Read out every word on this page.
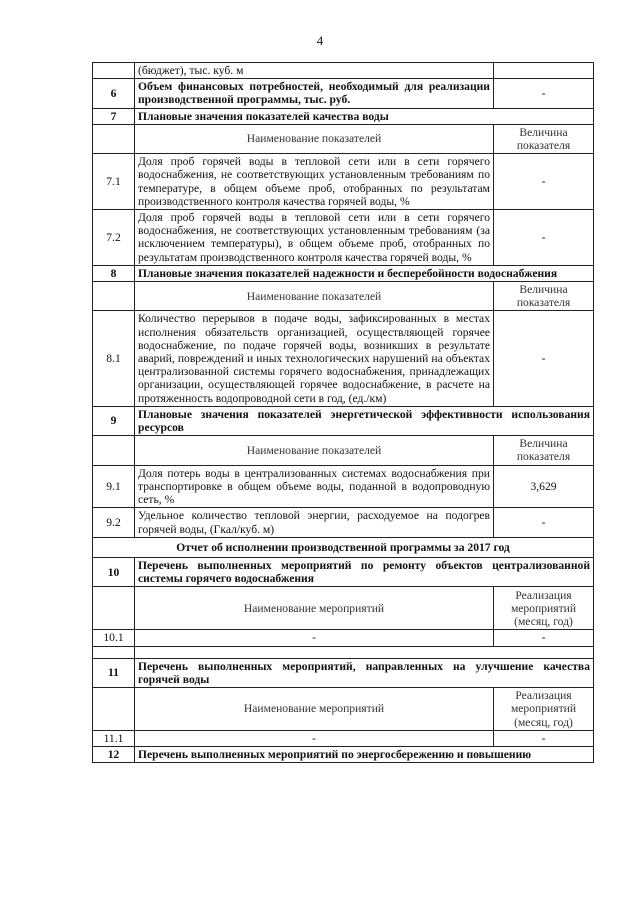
4
	(бюджет), тыс. куб. м	
6	Объем финансовых потребностей, необходимый для реализации производственной программы, тыс. руб.	-
7	Плановые значения показателей качества воды	
	Наименование показателей	Величина показателя
7.1	Доля проб горячей воды в тепловой сети или в сети горячего водоснабжения, не соответствующих установленным требованиям по температуре, в общем объеме проб, отобранных по результатам производственного контроля качества горячей воды, %	-
7.2	Доля проб горячей воды в тепловой сети или в сети горячего водоснабжения, не соответствующих установленным требованиям (за исключением температуры), в общем объеме проб, отобранных по результатам производственного контроля качества горячей воды, %	-
8	Плановые значения показателей надежности и бесперебойности водоснабжения	
	Наименование показателей	Величина показателя
8.1	Количество перерывов в подаче воды, зафиксированных в местах исполнения обязательств организацией, осуществляющей горячее водоснабжение, по подаче горячей воды, возникших в результате аварий, повреждений и иных технологических нарушений на объектах централизованной системы горячего водоснабжения, принадлежащих организации, осуществляющей горячее водоснабжение, в расчете на протяженность водопроводной сети в год, (ед./км)	-
9	Плановые значения показателей энергетической эффективности использования ресурсов	
	Наименование показателей	Величина показателя
9.1	Доля потерь воды в централизованных системах водоснабжения при транспортировке в общем объеме воды, поданной в водопроводную сеть, %	3,629
9.2	Удельное количество тепловой энергии, расходуемое на подогрев горячей воды, (Гкал/куб. м)	-
Отчет об исполнении производственной программы за 2017 год		
10	Перечень выполненных мероприятий по ремонту объектов централизованной системы горячего водоснабжения	
	Наименование мероприятий	Реализация мероприятий (месяц, год)
10.1	-	-

11	Перечень выполненных мероприятий, направленных на улучшение качества горячей воды	
	Наименование мероприятий	Реализация мероприятий (месяц, год)
11.1	-	-
12	Перечень выполненных мероприятий по энергосбережению и повышению	
